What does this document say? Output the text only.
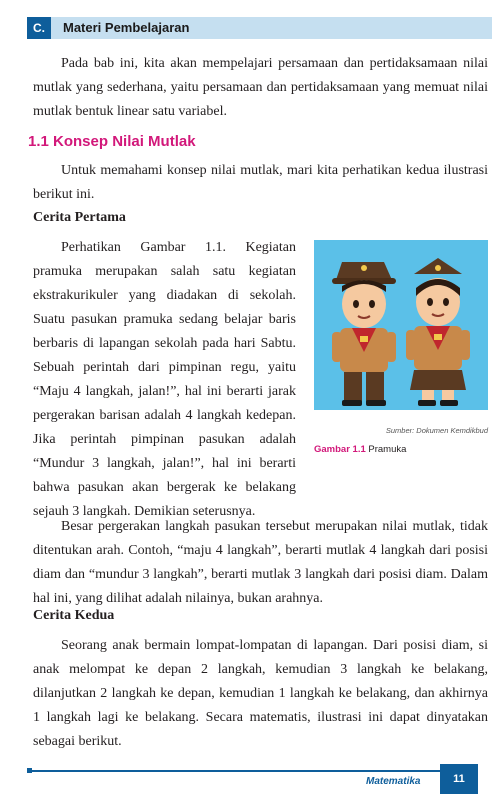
C.	Materi Pembelajaran

Pada bab ini, kita akan mempelajari persamaan dan pertidaksamaan nilai mutlak yang sederhana, yaitu persamaan dan pertidaksamaan yang memuat nilai mutlak bentuk linear satu variabel.

1.1 Konsep Nilai Mutlak

Untuk memahami konsep nilai mutlak, mari kita perhatikan kedua ilustrasi berikut ini.

Cerita Pertama

Perhatikan Gambar 1.1. Kegiatan pramuka merupakan salah satu kegiatan ekstrakurikuler yang diadakan di sekolah. Suatu pasukan pramuka sedang belajar baris berbaris di lapangan sekolah pada hari Sabtu. Sebuah perintah dari pimpinan regu, yaitu “Maju 4 langkah, jalan!”, hal ini berarti jarak pergerakan barisan adalah 4 langkah kedepan. Jika perintah pimpinan pasukan adalah “Mundur 3 langkah, jalan!”, hal ini berarti bahwa pasukan akan bergerak ke belakang sejauh 3 langkah. Demikian seterusnya.

Sumber: Dokumen Kemdikbud
Gambar 1.1 Pramuka

Besar pergerakan langkah pasukan tersebut merupakan nilai mutlak, tidak ditentukan arah. Contoh, “maju 4 langkah”, berarti mutlak 4 langkah dari posisi diam dan “mundur 3 langkah”, berarti mutlak 3 langkah dari posisi diam. Dalam hal ini, yang dilihat adalah nilainya, bukan arahnya.

Cerita Kedua

Seorang anak bermain lompat-lompatan di lapangan. Dari posisi diam, si anak melompat ke depan 2 langkah, kemudian 3 langkah ke belakang, dilanjutkan 2 langkah ke depan, kemudian 1 langkah ke belakang, dan akhirnya 1 langkah lagi ke belakang. Secara matematis, ilustrasi ini dapat dinyatakan sebagai berikut.

Matematika	11
